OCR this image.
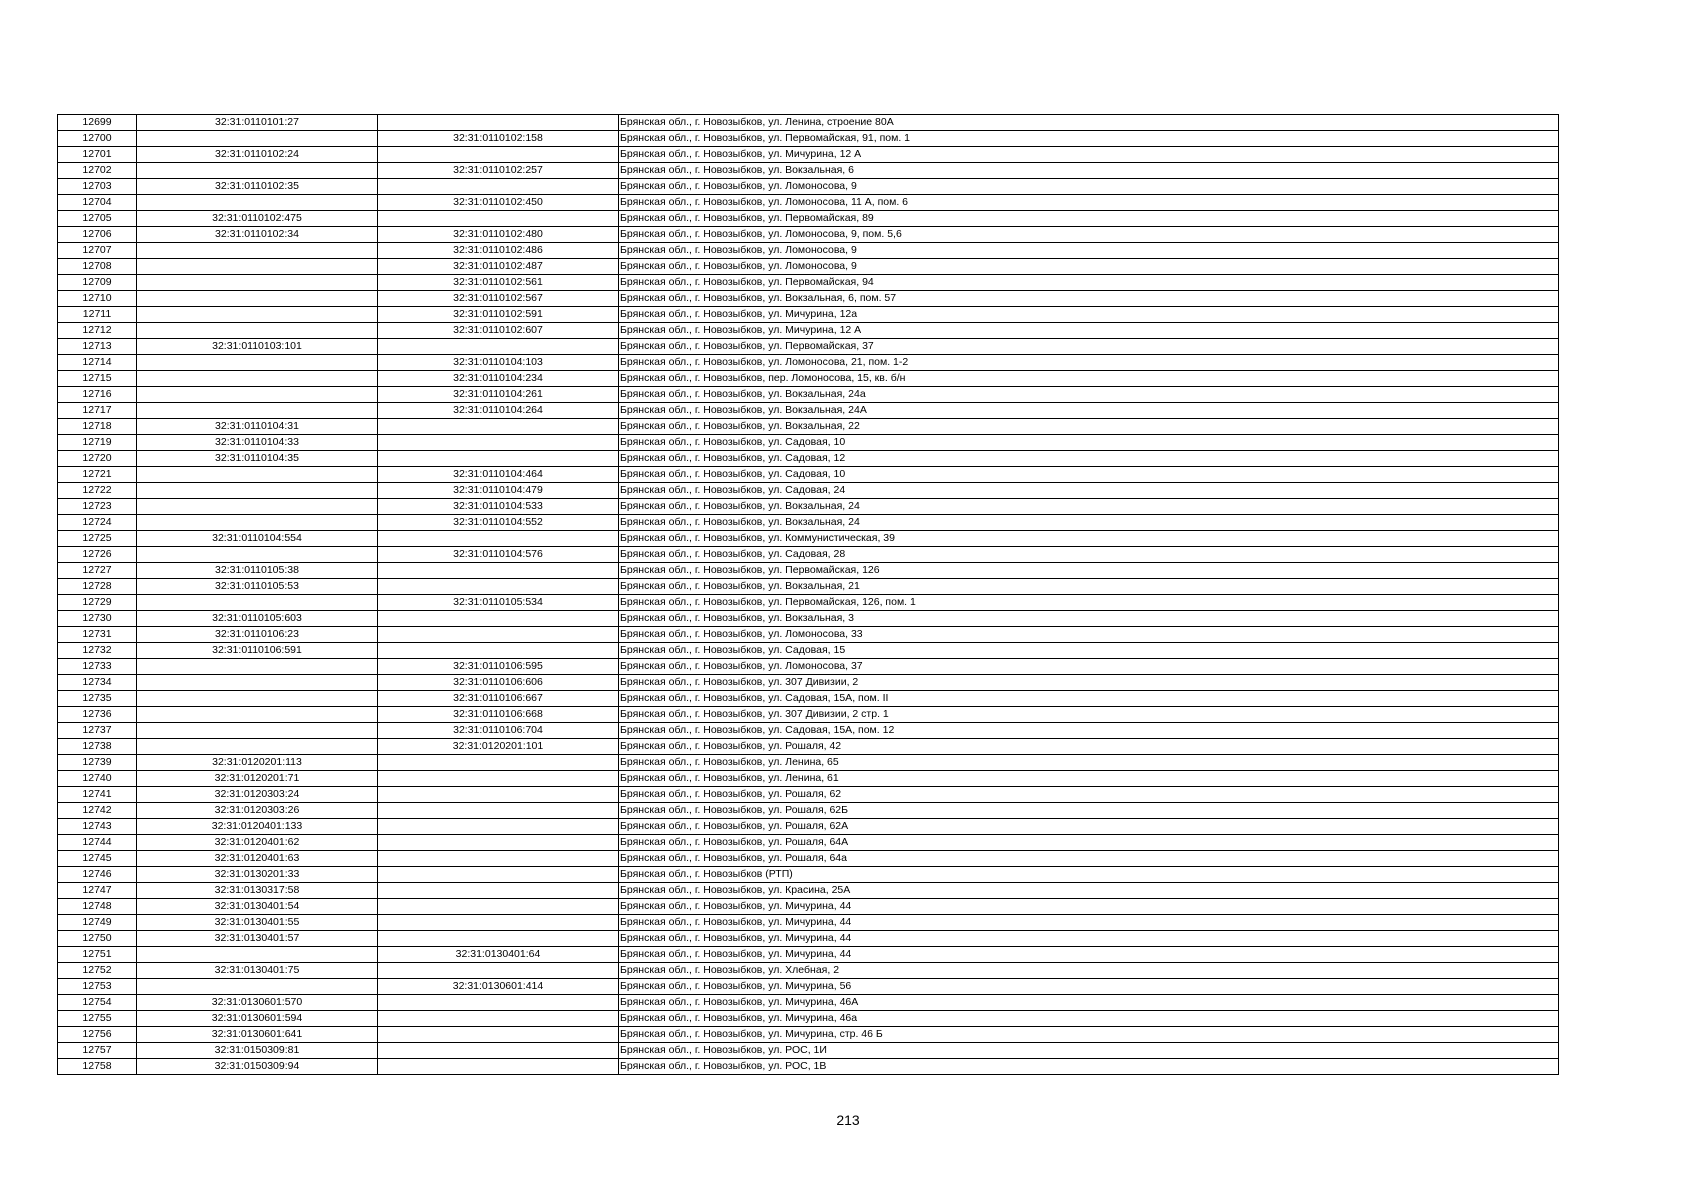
12699	32:31:0110101:27		Брянская обл., г. Новозыбков, ул. Ленина, строение 80А
12700		32:31:0110102:158	Брянская обл., г. Новозыбков, ул. Первомайская, 91, пом. 1
12701	32:31:0110102:24		Брянская обл., г. Новозыбков, ул. Мичурина, 12 А
12702		32:31:0110102:257	Брянская обл., г. Новозыбков, ул. Вокзальная, 6
12703	32:31:0110102:35		Брянская обл., г. Новозыбков, ул. Ломоносова, 9
12704		32:31:0110102:450	Брянская обл., г. Новозыбков, ул. Ломоносова, 11 А, пом. 6
12705	32:31:0110102:475		Брянская обл., г. Новозыбков, ул. Первомайская, 89
12706	32:31:0110102:34	32:31:0110102:480	Брянская обл., г. Новозыбков, ул. Ломоносова, 9, пом. 5,6
12707		32:31:0110102:486	Брянская обл., г. Новозыбков, ул. Ломоносова, 9
12708		32:31:0110102:487	Брянская обл., г. Новозыбков, ул. Ломоносова, 9
12709		32:31:0110102:561	Брянская обл., г. Новозыбков, ул. Первомайская, 94
12710		32:31:0110102:567	Брянская обл., г. Новозыбков, ул. Вокзальная, 6, пом. 57
12711		32:31:0110102:591	Брянская обл., г. Новозыбков, ул. Мичурина, 12а
12712		32:31:0110102:607	Брянская обл., г. Новозыбков, ул. Мичурина, 12 А
12713	32:31:0110103:101		Брянская обл., г. Новозыбков, ул. Первомайская, 37
12714		32:31:0110104:103	Брянская обл., г. Новозыбков, ул. Ломоносова, 21, пом. 1-2
12715		32:31:0110104:234	Брянская обл., г. Новозыбков, пер. Ломоносова, 15, кв. б/н
12716		32:31:0110104:261	Брянская обл., г. Новозыбков, ул. Вокзальная, 24а
12717		32:31:0110104:264	Брянская обл., г. Новозыбков, ул. Вокзальная, 24А
12718	32:31:0110104:31		Брянская обл., г. Новозыбков, ул. Вокзальная, 22
12719	32:31:0110104:33		Брянская обл., г. Новозыбков, ул. Садовая, 10
12720	32:31:0110104:35		Брянская обл., г. Новозыбков, ул. Садовая, 12
12721		32:31:0110104:464	Брянская обл., г. Новозыбков, ул. Садовая, 10
12722		32:31:0110104:479	Брянская обл., г. Новозыбков, ул. Садовая, 24
12723		32:31:0110104:533	Брянская обл., г. Новозыбков, ул. Вокзальная, 24
12724		32:31:0110104:552	Брянская обл., г. Новозыбков, ул. Вокзальная, 24
12725	32:31:0110104:554		Брянская обл., г. Новозыбков, ул. Коммунистическая, 39
12726		32:31:0110104:576	Брянская обл., г. Новозыбков, ул. Садовая, 28
12727	32:31:0110105:38		Брянская обл., г. Новозыбков, ул. Первомайская, 126
12728	32:31:0110105:53		Брянская обл., г. Новозыбков, ул. Вокзальная, 21
12729		32:31:0110105:534	Брянская обл., г. Новозыбков, ул. Первомайская, 126, пом. 1
12730	32:31:0110105:603		Брянская обл., г. Новозыбков, ул. Вокзальная, 3
12731	32:31:0110106:23		Брянская обл., г. Новозыбков, ул. Ломоносова, 33
12732	32:31:0110106:591		Брянская обл., г. Новозыбков, ул. Садовая, 15
12733		32:31:0110106:595	Брянская обл., г. Новозыбков, ул. Ломоносова, 37
12734		32:31:0110106:606	Брянская обл., г. Новозыбков, ул. 307 Дивизии, 2
12735		32:31:0110106:667	Брянская обл., г. Новозыбков, ул. Садовая, 15А, пом. II
12736		32:31:0110106:668	Брянская обл., г. Новозыбков, ул. 307 Дивизии, 2 стр. 1
12737		32:31:0110106:704	Брянская обл., г. Новозыбков, ул. Садовая, 15А, пом. 12
12738		32:31:0120201:101	Брянская обл., г. Новозыбков, ул. Рошаля, 42
12739	32:31:0120201:113		Брянская обл., г. Новозыбков, ул. Ленина, 65
12740	32:31:0120201:71		Брянская обл., г. Новозыбков, ул. Ленина, 61
12741	32:31:0120303:24		Брянская обл., г. Новозыбков, ул. Рошаля, 62
12742	32:31:0120303:26		Брянская обл., г. Новозыбков, ул. Рошаля, 62Б
12743	32:31:0120401:133		Брянская обл., г. Новозыбков, ул. Рошаля, 62А
12744	32:31:0120401:62		Брянская обл., г. Новозыбков, ул. Рошаля, 64А
12745	32:31:0120401:63		Брянская обл., г. Новозыбков, ул. Рошаля, 64а
12746	32:31:0130201:33		Брянская обл., г. Новозыбков (РТП)
12747	32:31:0130317:58		Брянская обл., г. Новозыбков, ул. Красина, 25А
12748	32:31:0130401:54		Брянская обл., г. Новозыбков, ул. Мичурина, 44
12749	32:31:0130401:55		Брянская обл., г. Новозыбков, ул. Мичурина, 44
12750	32:31:0130401:57		Брянская обл., г. Новозыбков, ул. Мичурина, 44
12751		32:31:0130401:64	Брянская обл., г. Новозыбков, ул. Мичурина, 44
12752	32:31:0130401:75		Брянская обл., г. Новозыбков, ул. Хлебная, 2
12753		32:31:0130601:414	Брянская обл., г. Новозыбков, ул. Мичурина, 56
12754	32:31:0130601:570		Брянская обл., г. Новозыбков, ул. Мичурина, 46А
12755	32:31:0130601:594		Брянская обл., г. Новозыбков, ул. Мичурина, 46а
12756	32:31:0130601:641		Брянская обл., г. Новозыбков, ул. Мичурина, стр. 46 Б
12757	32:31:0150309:81		Брянская обл., г. Новозыбков, ул. РОС, 1И
12758	32:31:0150309:94		Брянская обл., г. Новозыбков, ул. РОС, 1В
213
